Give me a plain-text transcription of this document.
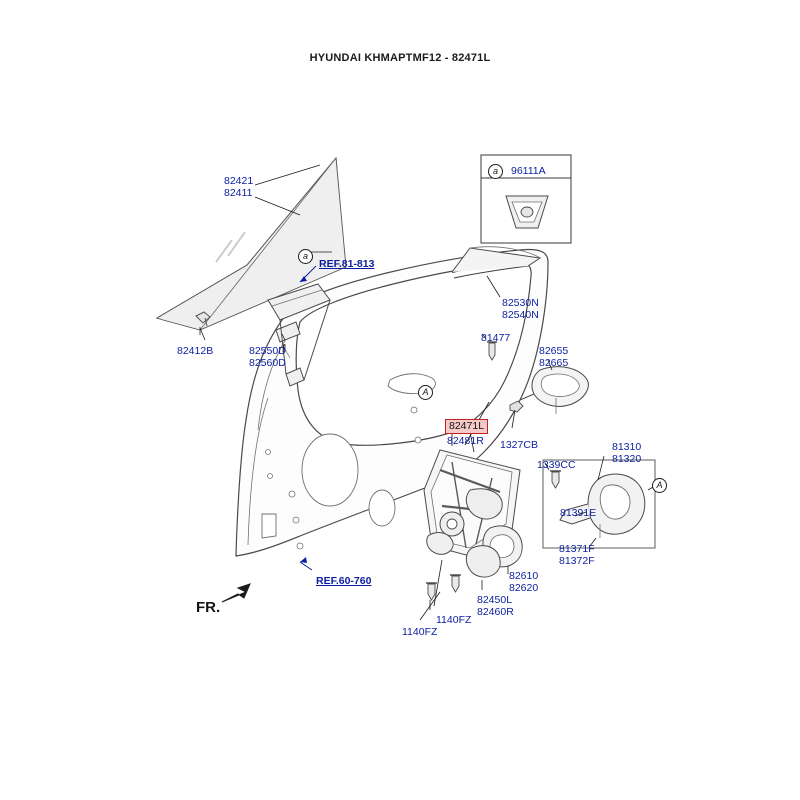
HYUNDAI KHMAPTMF12 - 82471L
a	96111A
a
A
A
REF.81-813
REF.60-760
82421
82411
82412B	82550D
82560D
82530N
82540N
81477
82655
82665
1327CB
82481R
1339CC
81310
81320
81391E
81371F
81372F
82610
82620
82450L
82460R
1140FZ
1140FZ
82471L
FR.
